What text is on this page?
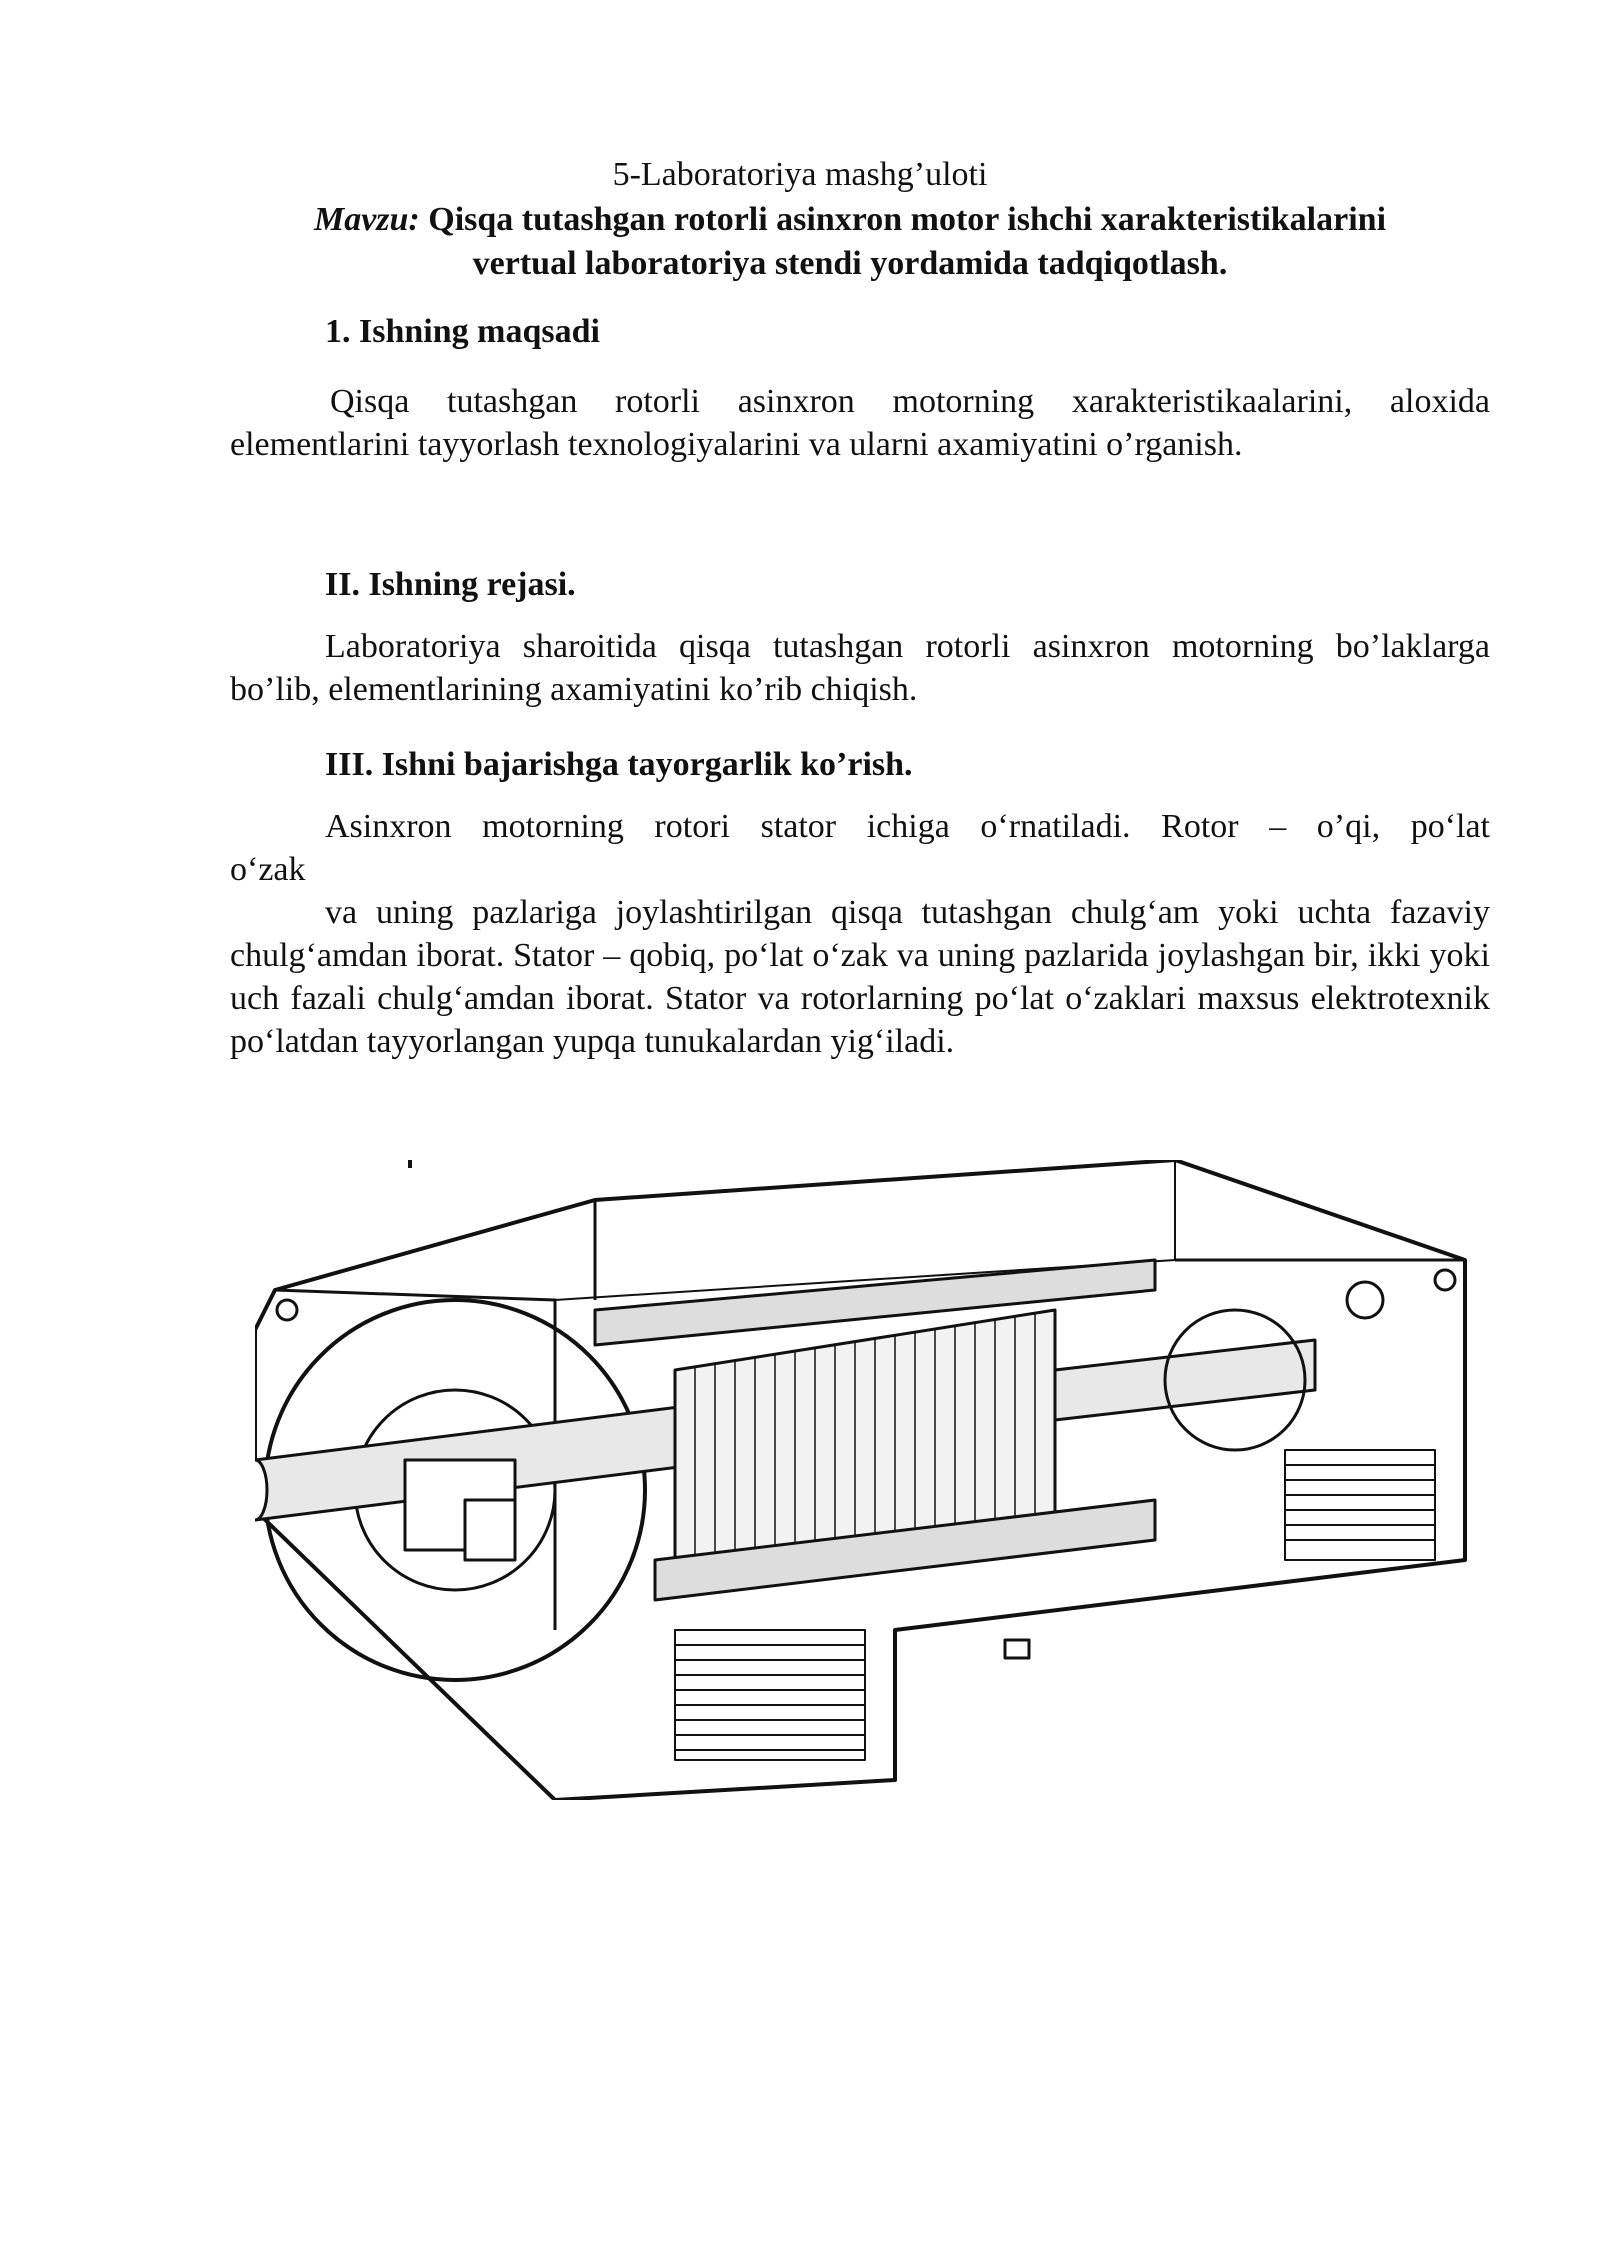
5-Laboratoriya mashg’uloti
Mavzu: Qisqa tutashgan rotorli asinxron motor ishchi xarakteristikalarini
vertual laboratoriya stendi yordamida tadqiqotlash.
1. Ishning maqsadi
Qisqa tutashgan rotorli asinxron motorning xarakteristikaalarini, aloxida elementlarini tayyorlash texnologiyalarini va ularni axamiyatini o’rganish.
II. Ishning rejasi.
Laboratoriya sharoitida qisqa tutashgan rotorli asinxron motorning bo’laklarga bo’lib, elementlarining axamiyatini ko’rib chiqish.
III. Ishni bajarishga tayorgarlik ko’rish.
Asinxron motorning rotori stator ichiga o‘rnatiladi. Rotor – o’qi, po‘lat
o‘zak
va uning pazlariga joylashtirilgan qisqa tutashgan chulg‘am yoki uchta fazaviy chulg‘amdan iborat. Stator – qobiq, po‘lat o‘zak va uning pazlarida joylashgan bir, ikki yoki uch fazali chulg‘amdan iborat. Stator va rotorlarning po‘lat o‘zaklari maxsus elektrotexnik po‘latdan tayyorlangan yupqa tunukalardan yig‘iladi.
